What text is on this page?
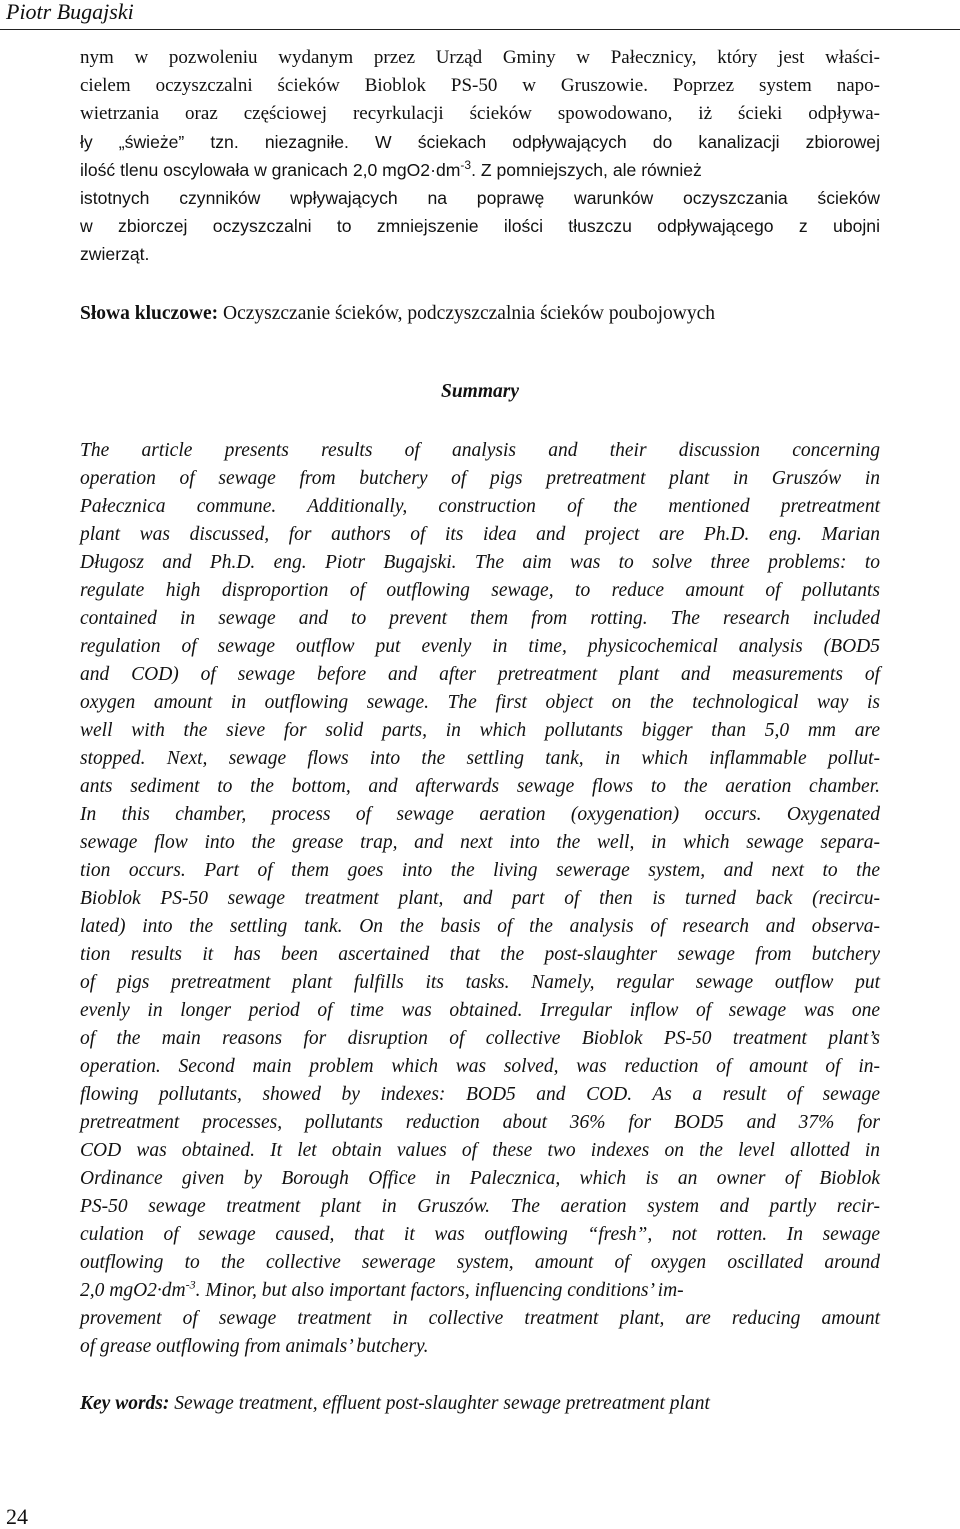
Piotr Bugajski
nym w pozwoleniu wydanym przez Urząd Gminy w Pałecznicy, który jest właści-
cielem oczyszczalni ścieków Bioblok PS-50 w Gruszowie. Poprzez system napo-
wietrzania oraz częściowej recyrkulacji ścieków spowodowano, iż ścieki odpływa-
ły „świeże” tzn. niezagniłe. W ściekach odpływających do kanalizacji zbiorowej
ilość tlenu oscylowała w granicach 2,0 $mgO2\cdot dm^{-3}$. Z pomniejszych, ale również
istotnych czynników wpływających na poprawę warunków oczyszczania ścieków
w zbiorczej oczyszczalni to zmniejszenie ilości tłuszczu odpływającego z ubojni
zwierząt.
Słowa kluczowe: Oczyszczanie ścieków, podczyszczalnia ścieków poubojowych
Summary
The article presents results of analysis and their discussion concerning
operation of sewage from butchery of pigs pretreatment plant in Gruszów in
Pałecznica commune. Additionally, construction of the mentioned pretreatment
plant was discussed, for authors of its idea and project are Ph.D. eng. Marian
Długosz and Ph.D. eng. Piotr Bugajski. The aim was to solve three problems: to
regulate high disproportion of outflowing sewage, to reduce amount of pollutants
contained in sewage and to prevent them from rotting. The research included
regulation of sewage outflow put evenly in time, physicochemical analysis (BOD5
and COD) of sewage before and after pretreatment plant and measurements of
oxygen amount in outflowing sewage. The first object on the technological way is
well with the sieve for solid parts, in which pollutants bigger than 5,0 mm are
stopped. Next, sewage flows into the settling tank, in which inflammable pollut-
ants sediment to the bottom, and afterwards sewage flows to the aeration chamber.
In this chamber, process of sewage aeration (oxygenation) occurs. Oxygenated
sewage flow into the grease trap, and next into the well, in which sewage separa-
tion occurs. Part of them goes into the living sewerage system, and next to the
Bioblok PS-50 sewage treatment plant, and part of then is turned back (recircu-
lated) into the settling tank. On the basis of the analysis of research and observa-
tion results it has been ascertained that the post-slaughter sewage from butchery
of pigs pretreatment plant fulfills its tasks. Namely, regular sewage outflow put
evenly in longer period of time was obtained. Irregular inflow of sewage was one
of the main reasons for disruption of collective Bioblok PS-50 treatment plant’s
operation. Second main problem which was solved, was reduction of amount of in-
flowing pollutants, showed by indexes: BOD5 and COD. As a result of sewage
pretreatment processes, pollutants reduction about 36% for BOD5 and 37% for
COD was obtained. It let obtain values of these two indexes on the level allotted in
Ordinance given by Borough Office in Palecznica, which is an owner of Bioblok
PS-50 sewage treatment plant in Gruszów. The aeration system and partly recir-
culation of sewage caused, that it was outflowing “fresh”, not rotten. In sewage
outflowing to the collective sewerage system, amount of oxygen oscillated around
2,0 $mgO2\cdot dm^{-3}$. Minor, but also important factors, influencing conditions’ im-
provement of sewage treatment in collective treatment plant, are reducing amount
of grease outflowing from animals’ butchery.
Key words: Sewage treatment, effluent post-slaughter sewage pretreatment plant
24
